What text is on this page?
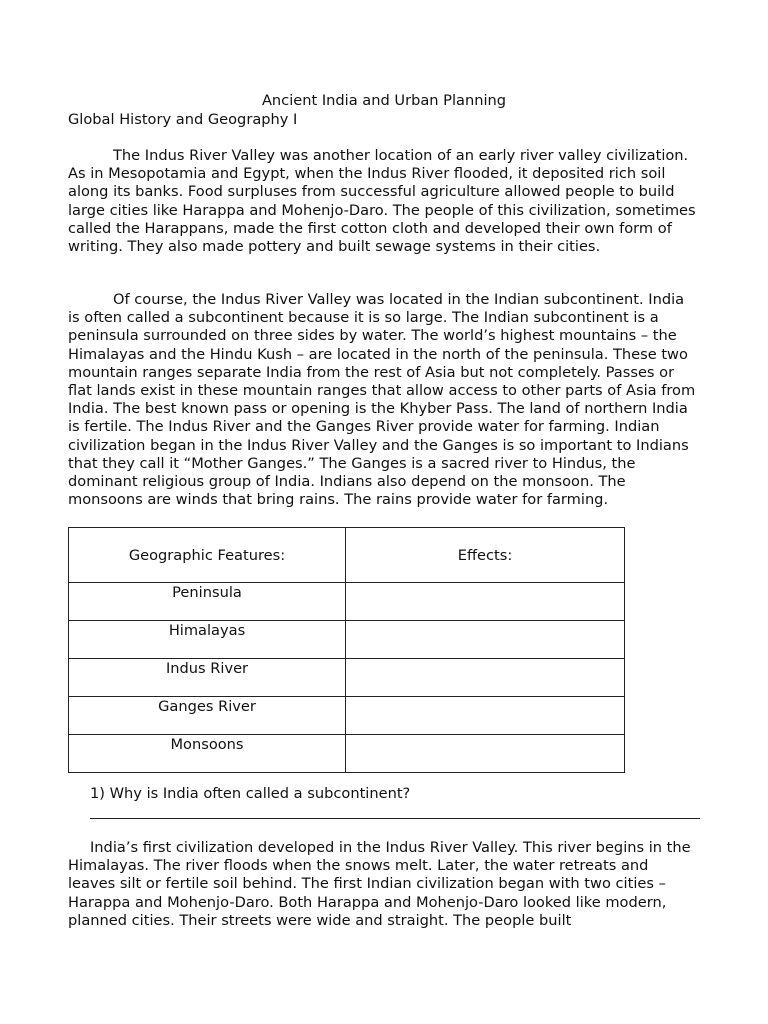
Ancient India and Urban Planning
Global History and Geography I

The Indus River Valley was another location of an early river valley civilization. As in Mesopotamia and Egypt, when the Indus River flooded, it deposited rich soil along its banks. Food surpluses from successful agriculture allowed people to build large cities like Harappa and Mohenjo-Daro. The people of this civilization, sometimes called the Harappans, made the first cotton cloth and developed their own form of writing. They also made pottery and built sewage systems in their cities.

Of course, the Indus River Valley was located in the Indian subcontinent. India is often called a subcontinent because it is so large. The Indian subcontinent is a peninsula surrounded on three sides by water. The world’s highest mountains – the Himalayas and the Hindu Kush – are located in the north of the peninsula. These two mountain ranges separate India from the rest of Asia but not completely. Passes or flat lands exist in these mountain ranges that allow access to other parts of Asia from India. The best known pass or opening is the Khyber Pass. The land of northern India is fertile. The Indus River and the Ganges River provide water for farming. Indian civilization began in the Indus River Valley and the Ganges is so important to Indians that they call it “Mother Ganges.” The Ganges is a sacred river to Hindus, the dominant religious group of India. Indians also depend on the monsoon. The monsoons are winds that bring rains. The rains provide water for farming.

Geographic Features:	Effects:
Peninsula	
Himalayas	
Indus River	
Ganges River	
Monsoons	
1) Why is India often called a subcontinent?

India’s first civilization developed in the Indus River Valley. This river begins in the Himalayas. The river floods when the snows melt. Later, the water retreats and leaves silt or fertile soil behind. The first Indian civilization began with two cities – Harappa and Mohenjo-Daro. Both Harappa and Mohenjo-Daro looked like modern, planned cities. Their streets were wide and straight. The people built
